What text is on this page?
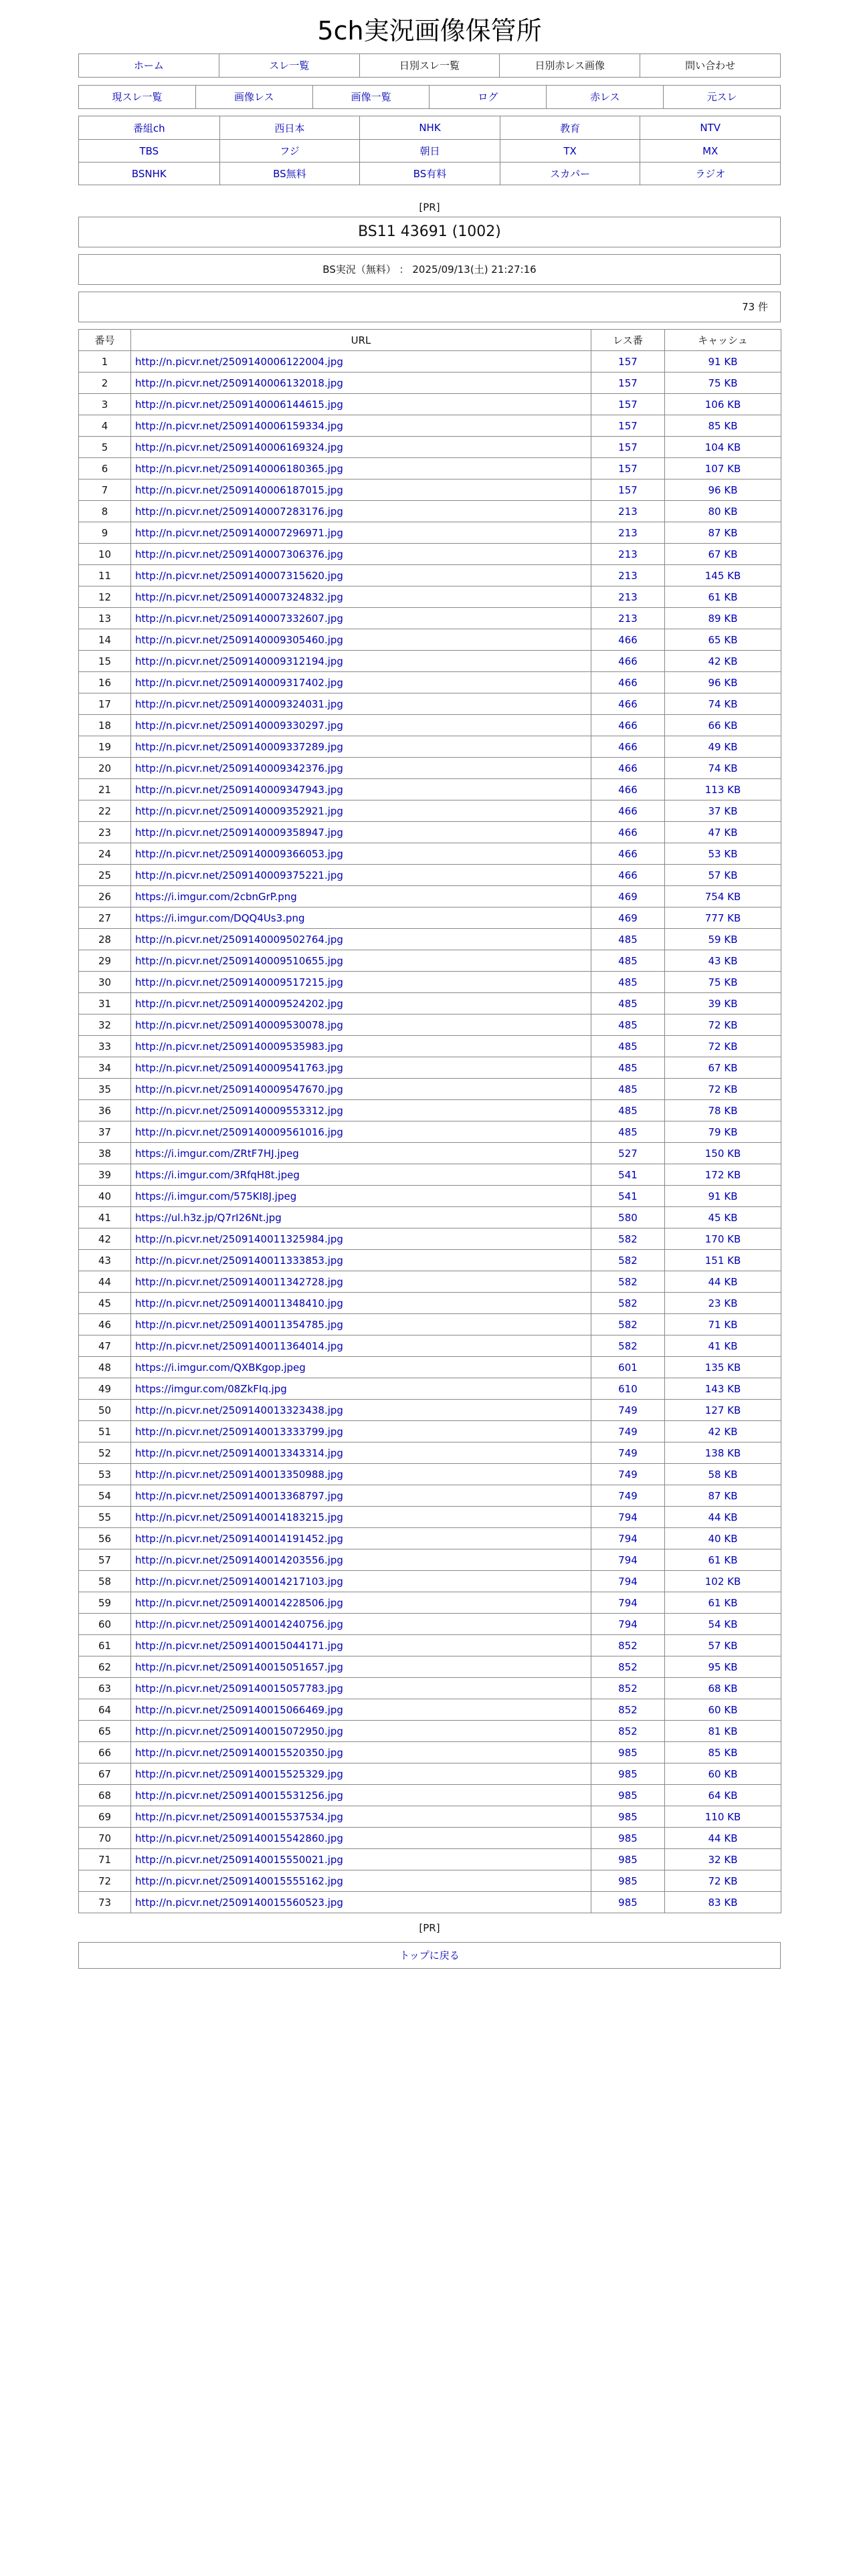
5ch実況画像保管所
ホーム	スレ一覧	日別スレ一覧	日別赤レス画像	問い合わせ
現スレ一覧	画像レス	画像一覧	ログ	赤レス	元スレ
番組ch	西日本	NHK	教育	NTV
TBS	フジ	朝日	TX	MX
BSNHK	BS無料	BS有料	スカパー	ラジオ
[PR]
BS11 43691 (1002)
BS実況（無料） ： 2025/09/13(土) 21:27:16
73 件
番号	URL	レス番	キャッシュ
1	http://n.picvr.net/2509140006122004.jpg	157	91 KB
2	http://n.picvr.net/2509140006132018.jpg	157	75 KB
3	http://n.picvr.net/2509140006144615.jpg	157	106 KB
4	http://n.picvr.net/2509140006159334.jpg	157	85 KB
5	http://n.picvr.net/2509140006169324.jpg	157	104 KB
6	http://n.picvr.net/2509140006180365.jpg	157	107 KB
7	http://n.picvr.net/2509140006187015.jpg	157	96 KB
8	http://n.picvr.net/2509140007283176.jpg	213	80 KB
9	http://n.picvr.net/2509140007296971.jpg	213	87 KB
10	http://n.picvr.net/2509140007306376.jpg	213	67 KB
11	http://n.picvr.net/2509140007315620.jpg	213	145 KB
12	http://n.picvr.net/2509140007324832.jpg	213	61 KB
13	http://n.picvr.net/2509140007332607.jpg	213	89 KB
14	http://n.picvr.net/2509140009305460.jpg	466	65 KB
15	http://n.picvr.net/2509140009312194.jpg	466	42 KB
16	http://n.picvr.net/2509140009317402.jpg	466	96 KB
17	http://n.picvr.net/2509140009324031.jpg	466	74 KB
18	http://n.picvr.net/2509140009330297.jpg	466	66 KB
19	http://n.picvr.net/2509140009337289.jpg	466	49 KB
20	http://n.picvr.net/2509140009342376.jpg	466	74 KB
21	http://n.picvr.net/2509140009347943.jpg	466	113 KB
22	http://n.picvr.net/2509140009352921.jpg	466	37 KB
23	http://n.picvr.net/2509140009358947.jpg	466	47 KB
24	http://n.picvr.net/2509140009366053.jpg	466	53 KB
25	http://n.picvr.net/2509140009375221.jpg	466	57 KB
26	https://i.imgur.com/2cbnGrP.png	469	754 KB
27	https://i.imgur.com/DQQ4Us3.png	469	777 KB
28	http://n.picvr.net/2509140009502764.jpg	485	59 KB
29	http://n.picvr.net/2509140009510655.jpg	485	43 KB
30	http://n.picvr.net/2509140009517215.jpg	485	75 KB
31	http://n.picvr.net/2509140009524202.jpg	485	39 KB
32	http://n.picvr.net/2509140009530078.jpg	485	72 KB
33	http://n.picvr.net/2509140009535983.jpg	485	72 KB
34	http://n.picvr.net/2509140009541763.jpg	485	67 KB
35	http://n.picvr.net/2509140009547670.jpg	485	72 KB
36	http://n.picvr.net/2509140009553312.jpg	485	78 KB
37	http://n.picvr.net/2509140009561016.jpg	485	79 KB
38	https://i.imgur.com/ZRtF7HJ.jpeg	527	150 KB
39	https://i.imgur.com/3RfqH8t.jpeg	541	172 KB
40	https://i.imgur.com/575KI8J.jpeg	541	91 KB
41	https://ul.h3z.jp/Q7rI26Nt.jpg	580	45 KB
42	http://n.picvr.net/2509140011325984.jpg	582	170 KB
43	http://n.picvr.net/2509140011333853.jpg	582	151 KB
44	http://n.picvr.net/2509140011342728.jpg	582	44 KB
45	http://n.picvr.net/2509140011348410.jpg	582	23 KB
46	http://n.picvr.net/2509140011354785.jpg	582	71 KB
47	http://n.picvr.net/2509140011364014.jpg	582	41 KB
48	https://i.imgur.com/QXBKgop.jpeg	601	135 KB
49	https://imgur.com/08ZkFIq.jpg	610	143 KB
50	http://n.picvr.net/2509140013323438.jpg	749	127 KB
51	http://n.picvr.net/2509140013333799.jpg	749	42 KB
52	http://n.picvr.net/2509140013343314.jpg	749	138 KB
53	http://n.picvr.net/2509140013350988.jpg	749	58 KB
54	http://n.picvr.net/2509140013368797.jpg	749	87 KB
55	http://n.picvr.net/2509140014183215.jpg	794	44 KB
56	http://n.picvr.net/2509140014191452.jpg	794	40 KB
57	http://n.picvr.net/2509140014203556.jpg	794	61 KB
58	http://n.picvr.net/2509140014217103.jpg	794	102 KB
59	http://n.picvr.net/2509140014228506.jpg	794	61 KB
60	http://n.picvr.net/2509140014240756.jpg	794	54 KB
61	http://n.picvr.net/2509140015044171.jpg	852	57 KB
62	http://n.picvr.net/2509140015051657.jpg	852	95 KB
63	http://n.picvr.net/2509140015057783.jpg	852	68 KB
64	http://n.picvr.net/2509140015066469.jpg	852	60 KB
65	http://n.picvr.net/2509140015072950.jpg	852	81 KB
66	http://n.picvr.net/2509140015520350.jpg	985	85 KB
67	http://n.picvr.net/2509140015525329.jpg	985	60 KB
68	http://n.picvr.net/2509140015531256.jpg	985	64 KB
69	http://n.picvr.net/2509140015537534.jpg	985	110 KB
70	http://n.picvr.net/2509140015542860.jpg	985	44 KB
71	http://n.picvr.net/2509140015550021.jpg	985	32 KB
72	http://n.picvr.net/2509140015555162.jpg	985	72 KB
73	http://n.picvr.net/2509140015560523.jpg	985	83 KB
[PR]
トップに戻る
